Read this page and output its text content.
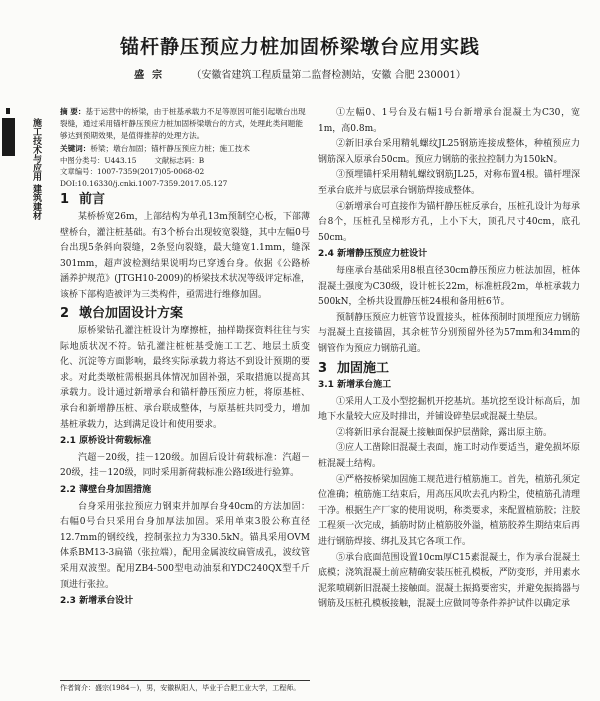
锚杆静压预应力桩加固桥梁墩台应用实践
盛宗 （安徽省建筑工程质量第二监督检测站，安徽 合肥 230001）
施工技术与应用 建筑建材
摘 要：基于运营中的桥梁，由于桩基承载力不足等原因可能引起墩台出现裂缝，通过采用锚杆静压预应力桩加固桥梁墩台的方式，处理此类问题能够达到预期效果，是值得推荐的处理方法。
关键词：桥梁；墩台加固；锚杆静压预应力桩；施工技术
中图分类号：U443.15 文献标志码：B
文章编号：1007-7359(2017)05-0068-02
DOI:10.16330/j.cnki.1007-7359.2017.05.127
1 前言

某桥桥宽26m，上部结构为单孔13m预制空心板，下部薄壁桥台，灌注桩基础。有3个桥台出现较宽裂缝，其中左幅0号台出现5条斜向裂缝，2条竖向裂缝，最大缝宽1.1mm，缝深301mm，超声波检测结果说明均已穿透台身。依据《公路桥涵养护规范》(JTGH10-2009)的桥梁技术状况等级评定标准，该桥下部构造被评为三类构件，亟需进行维修加固。

2 墩台加固设计方案

原桥梁钻孔灌注桩设计为摩擦桩，抽样勘探资料往往与实际地质状况不符。钻孔灌注桩桩基受施工工艺、地层土质变化、沉淀等方面影响，最终实际承载力将达不到设计预期的要求。对此类墩桩需根据具体情况加固补强，采取措施以提高其承载力。设计通过新增承台和锚杆静压预应力桩，将原基桩、承台和新增静压桩、承台联成整体，与原基桩共同受力，增加基桩承载力，达到满足设计和使用要求。

2.1 原桥设计荷载标准

汽超－20级，挂－120级。加固后设计荷载标准：汽超－20级，挂－120级，同时采用新荷载标准公路Ⅰ级进行验算。

2.2 薄壁台身加固措施

台身采用张拉预应力钢束并加厚台身40cm的方法加固：右幅0号台只采用台身加厚法加固。采用单束3股公称直径12.7mm的钢绞线，控制张拉力为330.5kN。锚具采用OVM体系BM13-3扁锚（张拉端），配用金属波纹扁管成孔，波纹管采用双波型。配用ZB4-500型电动油泵和YDC240QX型千斤顶进行张拉。

2.3 新增承台设计

①左幅0、1号台及右幅1号台新增承台混凝土为C30，宽1m，高0.8m。

②新旧承台采用精轧螺纹JL25钢筋连接成整体，种植预应力钢筋深入原承台50cm。预应力钢筋的张拉控制力为150kN。

③预埋锚杆采用精轧螺纹钢筋JL25，对称布置4根。锚杆埋深至承台底并与底层承台钢筋焊接成整体。

④新增承台可直接作为锚杆静压桩反承台，压桩孔设计为每承台8个，压桩孔呈梯形方孔，上小下大，顶孔尺寸40cm，底孔50cm。

2.4 新增静压预应力桩设计

每座承台基础采用8根直径30cm静压预应力桩法加固，桩体混凝土强度为C30级，设计桩长22m，标准桩段2m，单桩承载力500kN，全桥共设置静压桩24根和备用桩6节。

预制静压预应力桩管节设置接头，桩体预制时顶埋预应力钢筋与混凝土直接锚固，其余桩节分别预留外径为57mm和34mm的钢管作为预应力钢筋孔道。

3 加固施工
3.1 新增承台施工

①采用人工及小型挖掘机开挖基坑。基坑挖至设计标高后，加地下水量较大应及时排出，并铺设碎垫层或混凝土垫层。

②将新旧承台混凝土接触面保护层凿除，露出原主筋。

③应人工凿除旧混凝土表面，施工时动作要适当，避免损坏原桩混凝土结构。

④严格按桥梁加固施工规范进行植筋施工。首先，植筋孔须定位准确；植筋施工结束后，用高压风吹去孔内粉尘，使植筋孔清理干净。根据生产厂家的使用说明，称类要求，来配置植筋胶；注胶工程须一次完成，插筋时防止植筋胶外溢，植筋胶养生期结束后再进行钢筋焊接、绑扎及其它各项工作。

⑤承台底面范围设置10cm厚C15素混凝土，作为承台混凝土底模；浇筑混凝土前应精确安装压桩孔模板，严防变形，并用素水泥浆喷刷新旧混凝土接触面。混凝土振捣要密实，并避免振捣器与钢筋及压桩孔模板接触，混凝土应做同等条件养护试件以确定承

作者简介：盛宗(1984－)，男，安徽枞阳人，毕业于合肥工业大学，工程师。
